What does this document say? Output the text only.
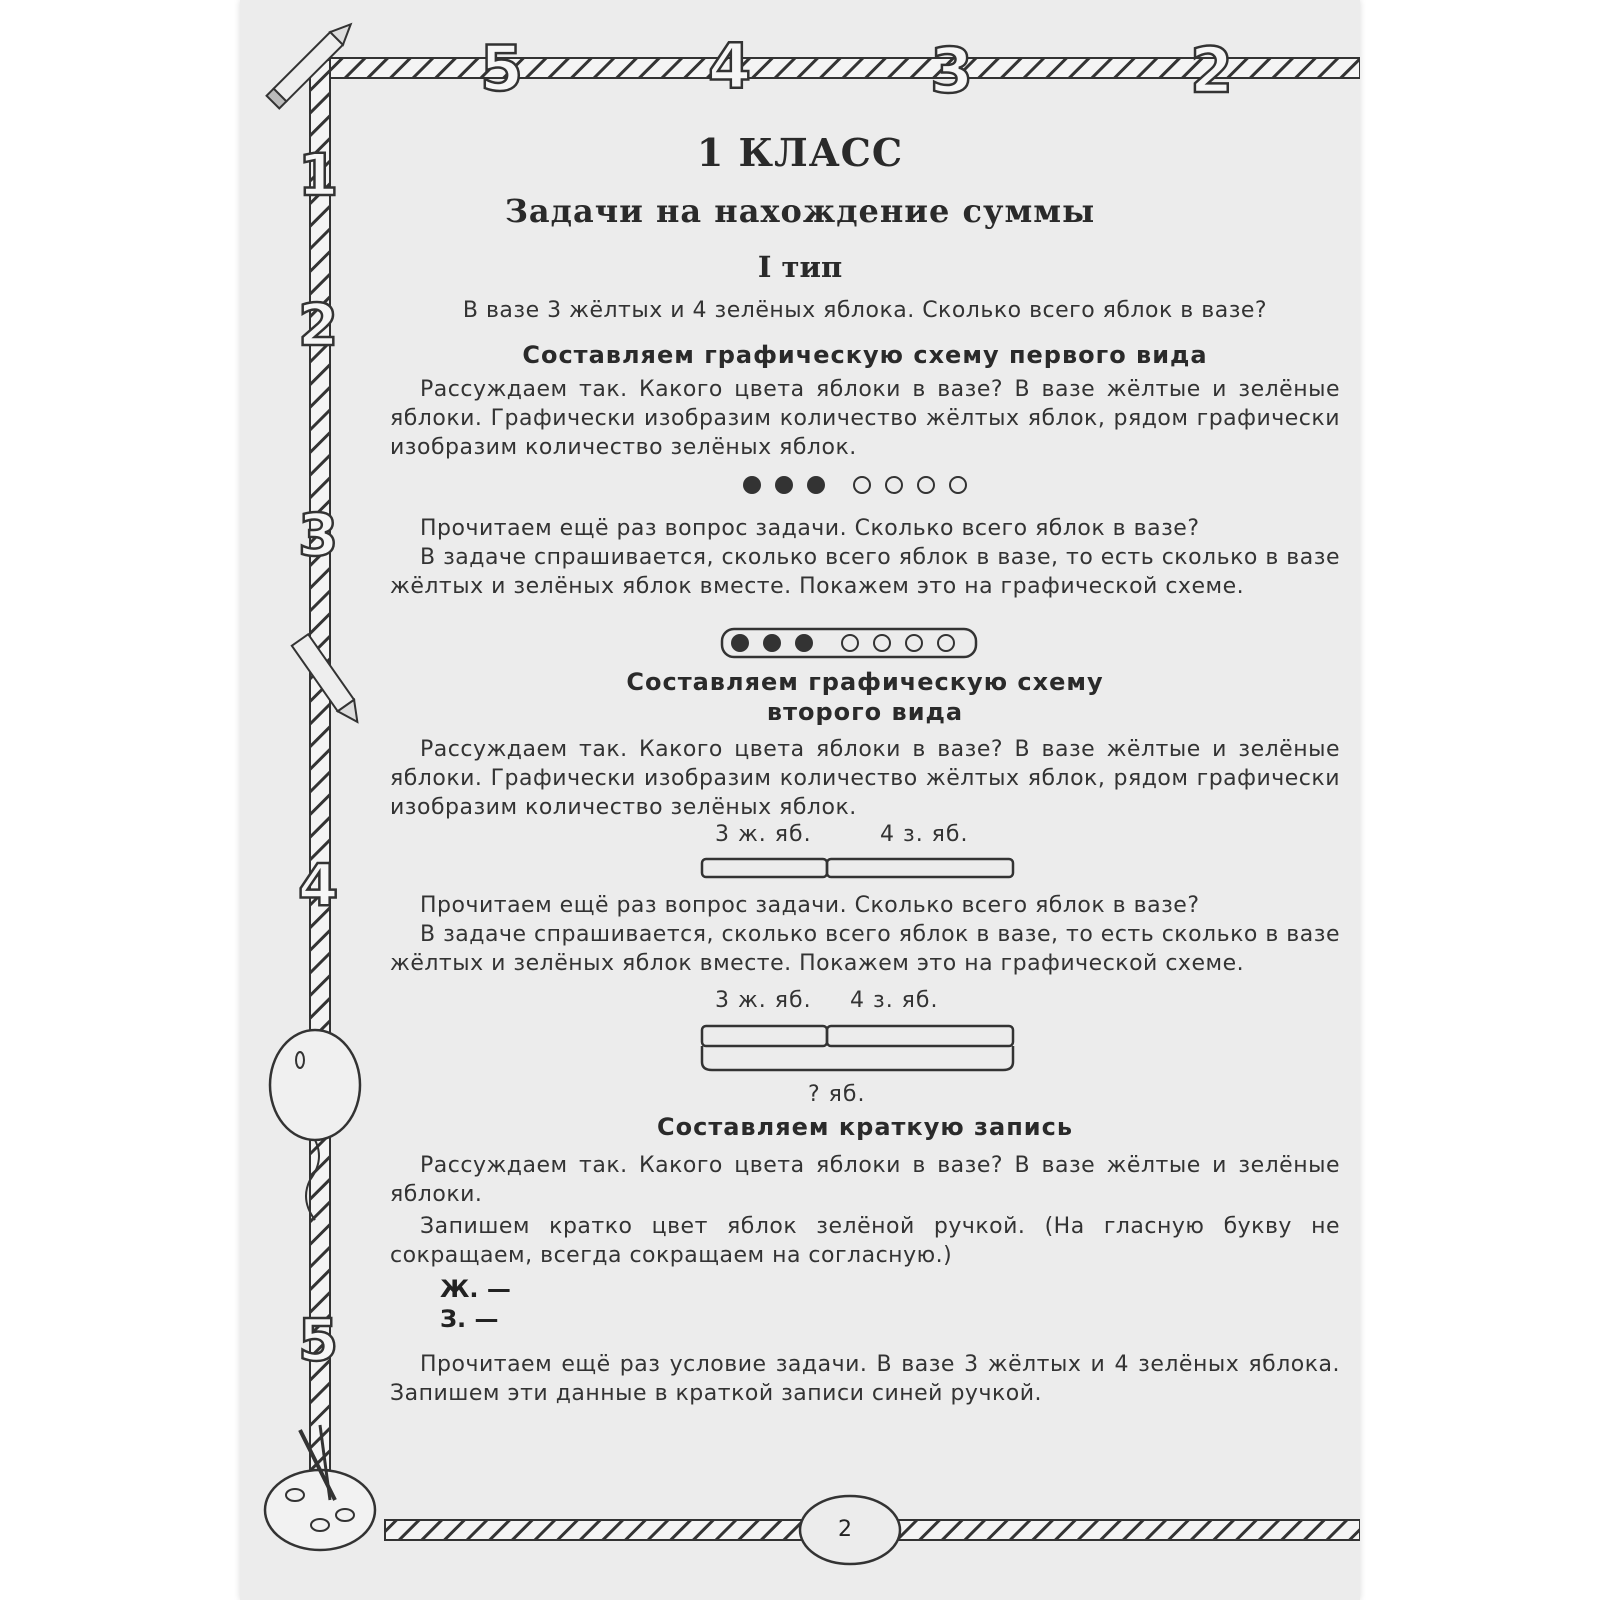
5	4	3	2
1
2
3
4
5
1 КЛАСС
Задачи на нахождение суммы
I тип

В вазе 3 жёлтых и 4 зелёных яблока. Сколько всего яблок в вазе?

Составляем графическую схему первого вида

Рассуждаем так. Какого цвета яблоки в вазе? В вазе жёлтые и зелёные яблоки. Графически изобразим количество жёлтых яблок, рядом графически изобразим количество зелёных яблок.

Прочитаем ещё раз вопрос задачи. Сколько всего яблок в вазе?

В задаче спрашивается, сколько всего яблок в вазе, то есть сколько в вазе жёлтых и зелёных яблок вместе. Покажем это на графической схеме.

Составляем графическую схему

второго вида

Рассуждаем так. Какого цвета яблоки в вазе? В вазе жёлтые и зелёные яблоки. Графически изобразим количество жёлтых яблок, рядом графически изобразим количество зелёных яблок.

3 ж. яб.	4 з. яб.

Прочитаем ещё раз вопрос задачи. Сколько всего яблок в вазе?

В задаче спрашивается, сколько всего яблок в вазе, то есть сколько в вазе жёлтых и зелёных яблок вместе. Покажем это на графической схеме.

3 ж. яб. 4 з. яб.
? яб.

Составляем краткую запись

Рассуждаем так. Какого цвета яблоки в вазе? В вазе жёлтые и зелёные яблоки.

Запишем кратко цвет яблок зелёной ручкой. (На гласную букву не сокращаем, всегда сокращаем на согласную.)

Ж. —
З. —

Прочитаем ещё раз условие задачи. В вазе 3 жёлтых и 4 зелёных яблока. Запишем эти данные в краткой записи синей ручкой.

2
